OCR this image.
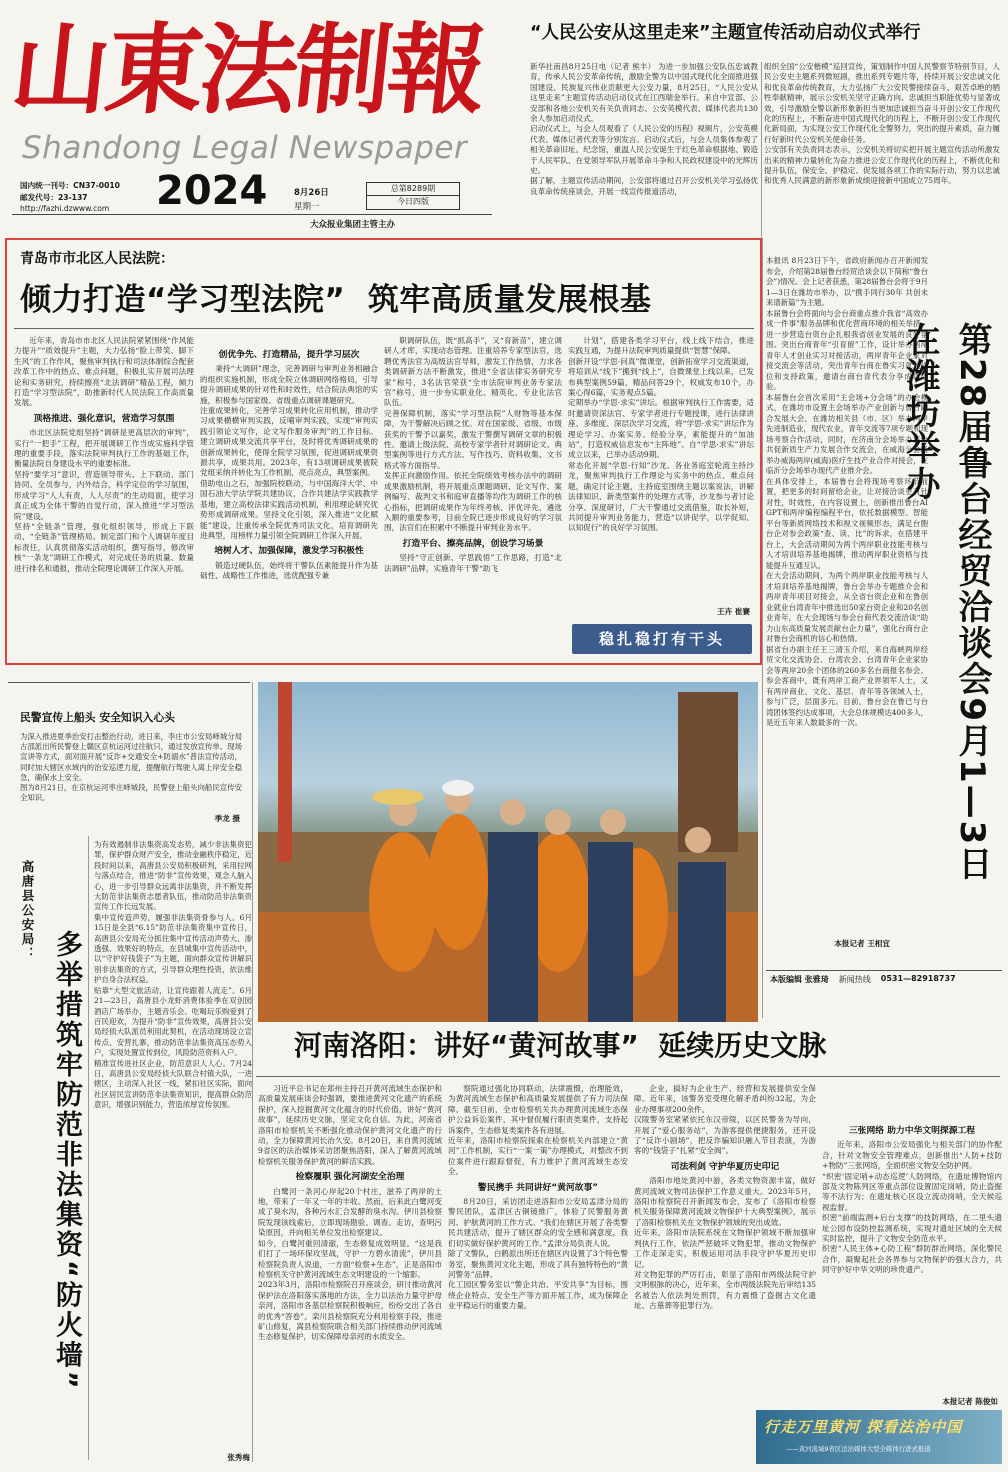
山東法制報
Shandong Legal Newspaper
国内统一刊号：CN37-0010
邮发代号：23-137
http://fazhi.dzwww.com 2024	8月26日
星期一
总第8289期
今日四版
大众报业集团主管主办
“人民公安从这里走来”主题宣传活动启动仪式举行
新华社南昌8月25日电（记者 熊丰） 为进一步加强公安队伍忠诚教育，传承人民公安革命传统，激励全警为以中国式现代化全面推进强国建设、民族复兴伟业贡献更大公安力量，8月25日，“人民公安从这里走来”主题宣传活动启动仪式在江西瑞金举行。来自中宣部、公安部和各地公安机关有关负责同志、公安英模代表、媒体代表共130余人参加启动仪式。
启动仪式上，与会人员观看了《人民公安的历程》视频片，公安英模代表、媒体记者代表等分别发言。启动仪式后，与会人员集体参观了相关革命旧址。纪念馆，重温人民公安诞生于红色革命根据地、锻造于人民军队、在党领导军队开展革命斗争和人民政权建设中的光辉历史。
据了解，主题宣传活动期间，公安部将通过召开公安机关学习弘扬优良革命传统座谈会，开展一线宣传报道活动，
组织全国“公安楷模”巡回宣传，策划制作中国人民警察节特别节目，人民公安史主题系列微短剧，推出系列专题片等，持续开展公安忠诚文化和优良革命传统教育，大力弘扬广大公安民警接续奋斗、艰苦卓绝的牺牲奉献精神，展示公安机关坚守正确方向、忠诚担当职能优势与显著成效，引导激励全警以新形象新担当更加忠诚担当奋斗开创公安工作现代化的历程上，不断奋进中国式现代化的历程上，不断开创公安工作现代化新局面，为实现公安工作现代化全警努力，突出的提升素质，奋力履行好新时代公安机关使命任务。
公安部有关负责同志表示，公安机关将切实把开展主题宣传活动所激发出来的精神力量转化为奋力推进公安工作现代化的历程上，不断优化和提升队伍，保安全、护稳定、促发展各项工作的实际行动，努力以忠诚和优秀人民满意的新形象新成绩迎接新中国成立75周年。
青岛市市北区人民法院：
倾力打造“学习型法院”  筑牢高质量发展根基

近年来，青岛市市北区人民法院紧紧围绕“作风能力提升”“质效提升”主题，大力弘扬“脸上带笑、脚下生风”的工作作风，聚焦审判执行和司法体制综合配套改革工作中的热点、难点问题，积极扎实开展司法理论和实务研究，持续擦亮“北法调研”精品工程，倾力打造“学习型法院”，助推新时代人民法院工作高质量发展。

顶格推进、强化意识，营造学习氛围

市北区法院党组坚持“调研是更高层次的审判”，实行“一把手”工程，把开展调研工作当成实施科学管理的重要手段，落实法院审判执行工作的基础工作，衡量法院自身建设水平的重要标准。
坚持“要学习”意识，营造领导带头、上下联动、部门协同、全员参与，内外结合，科学定位的学习氛围，形成学习“人人有责，人人尽责”的生动局面，使学习真正成为全体干警的自觉行动，深入推进“学习型法院”建设。
坚持“全链条”管理，强化组织领导，形成上下联动、“全链条”管理格局。制定部门和个人调研年度目标责任，认真贯彻落实活动组织，撰写指导，修改审核“一条龙”调研工作模式，对完成任务的质量、数量进行排名和通报，推动全院理论调研工作深入开展。

创优争先、打造精品，提升学习层次

秉持“大调研”理念，完善调研与审判业务相融合的组织实施机制，形成全院立体调研网络格局，引导提升调研成果的针对性和时效性，结合院法典馆的实施，积极参与国家级、省级重点调研课题研究。
注重成果转化，完善学习成果转化应用机制，推动学习成果横横审判实践，反哺审判实践，实现“审判实践引领论文写作，论文写作服务审判”的工作目标。建立调研成果交流共享平台，及时将优秀调研成果的创新成果转化，使得全院学习氛围，促进调研成果资源共享，成果共用。2023年，有13项调研成果被院党组采纳并转化为工作机制，亮点亮点，典型案例。
借助电山之石，加强院校联动，与中国海洋大学、中国石油大学法学院共建协议，合作共建法学实践教学基地，建立高校法律实践活动机制，利用理论研究优势形成调研成果。坚持文化引领，深入推进“文化赋能”建设，注重传承全院优秀司法文化，培育调研先进典型，用榜样力量引领全院调研工作深入开展。

培树人才、加强保障，激发学习积极性

锻造过硬队伍，始终将干警队伍素能提升作为基础性、战略性工作推进，选优配强专兼

职调研队伍，既“抓高手”，又“育新苗”，建立调研人才库，实现动态管理。注重培养专家型法官，选聘优秀法官为高级法官导师，激发工作热情，力求各类调研新方法不断激发，推进“全省法律实务研究专家”称号，3名法官荣获“全市法院审判业务专家法官”称号，进一步夯实职业化、精英化、专业化法官队伍。
完善保障机制，落实“学习型法院”人财物等基本保障，为干警解决后顾之忧。对在国家级、省级、市级获奖的干警予以嘉奖，激发干警撰写调研文章的积极性。邀请上级法院、高校专家学者针对调研论文、典型案例等进行方式方法、写作技巧、资料收集、文书格式等方面指导。
发挥正向激励作用。依托全院绩效考核办法中的调研成果激励机制，将开展重点课题调研、论文写作、案例编写、裁判文书和庭审直播等均作为调研工作的核心指标，把调研成果作为年终考核、评优评先、遴选入额的重要参考，目前全院已逐步形成良好的学习氛围，法官们在积累中不断提升审判业务水平。

打造平台、擦亮品牌，创设学习场景

坚持“守正创新、学思践悟”工作思路，打造“北法调研”品牌，实施青年干警“助飞

计划”，搭建各类学习平台，线上线下结合，推进实践互通，为提升法院审判质量提供“智慧”保障。
创新开设“学思·问真”微课堂，创新拓宽学习交流渠道，将培训从“线下”搬到“线上”，自微课堂上线以来，已发布典型案例59篇，精品问答29个，权威发布10个，办案心得6篇，实务观点5篇。
定期举办“学思·求实”讲坛。根据审判执行工作需要，适时邀请资深法官、专家学者进行专题授课，进行法律讲座、多维度、深层次学习交流，将“学思·求实”讲坛作为理论学习、办案实务、经验分享，素能提升的“加油站”，打造权威信息发布“主阵地”。自“学思·求实”讲坛成立以来，已举办活动9期。
常态化开展“学思·行知”沙龙。各业务庭室轮流主持沙龙，聚焦审判执行工作理论与实务中的热点、难点问题，确定讨论主题，主持庭室围绕主题以案说法，讲解法律知识、新类型案件的处理方式等，沙龙参与者讨论分享、深度研讨，广大干警通过交流借鉴，取长补短，共同提升审判业务能力，营造“以讲促学，以学促知、以知促行”的良好学习氛围。

王卉 崔賽
稳扎稳打有干头
本报讯 8月23日下午，省政府新闻办召开新闻发布会，介绍第28届鲁台经贸洽谈会以下简称“鲁台会”)情况。会上记者获悉，第28届鲁台会将于9月1—3日在潍坊市举办，以“携手同行30年 共创未来谱新篇”为主题。
本届鲁台会将面向与会台商重点推介我省“高效办成一件事”服务品牌和优化营商环境的相关举措，进一步营造台资台企扎根我省创业发展的良好氛围。突出台商青年“引育留”工作，设计举办两岸青年人才创业实习对接活动，两岸青年企业家对接交流会等活动，突出青年台商在鲁实习就业岗位和支持政策，邀请台商台青代表分享成功经验。
本届鲁台会首次采用“主会场+分会场”的办会模式，在潍坊市设置主会场举办产业创新与鲁台融合发展大会，在潍坊相关县（市、区）举办两岸先进制造业，现代农业，青年交流等7项专题和现场考察合作活动，同时，在济南分会场举办济台共促新质生产力发展合作交流会，在威海分会场举办威海两岸(威海)医疗生技产业合作对接会，在临沂分会场举办现代产业推介会。
在具体安排上，本届鲁台会将现场考察环节前置，把更多的时间留给企业，让对接洽谈更有针对性，时效性，在内容设置上，创新推出鲁台AI GPT和两岸编程编程平台，依托数据模型、智能平台等新质网络技术和视文视频形态，满足台胞台企对参会政策“查、读、比”的诉求，在搭建平台上，大会活动期间为两个两岸职业技能考核与人才培训培养基地揭牌，推动两岸职业资格与技能提升互通互认。
在大会活动期间，为两个两岸职业技能考核与人才培训培养基地揭牌，鲁台会举办专题推介会和两岸青年项目对接会，从全省台资企业和在鲁创业就业台湾青年中推选出50家台资企业和20名创业青年，在大会现场与参会台商代表交流洽谈“助力山东高质量发展贡献台企力量”，强化台商台企对鲁台会商机的信心和热情。
据省台办副主任王三清玉介绍，来自海峡两岸经贸文化交流协会、台湾农会、台湾青年企业家协会等两岸20余个团体的260多名台商报名参会。参会客商中，既有两岸工商产业界领军人士，又有两岸商业、文化、基层、青年等各领域人士，参与广泛，层面多元。目前，鲁台会在鲁已与台湾团体签约达成事项，大会总体规模达400多人，是近五年来人数最多的一次。
本报记者 王相宜
第28届鲁台经贸洽谈会9月1—3日在潍坊举办
本版编辑 张雅琦 新闻热线 0531—82918737
民警宣传上船头 安全知识入心头
为深入推进夏季治安打击整治行动，进日来，李庄市公安局峄城分局古邵派出所民警登上赣区京杭运河过往航只，通过发放宣传单、现场宣讲等方式，面对面开展“反诈+交通安全+防溺水”普法宣传活动，同时加大辖区水域内的治安巡逻力度，提醒航行驾驶人离上岸安全稳急，确保水上安全。
图为8月21日，在京杭运河枣庄峄城段，民警登上船头向船民宣传安全知识。
季龙 摄
高唐县公安局：
多举措筑牢防范非法集资“防火墙”
为有效遏制非法集资高发态势，减少非法集资犯罪，保护群众财产安全，推动金融秩序稳定，近段时间以来，高唐县公安局积极研判，采用拉网与落点结合，推进“防非”宣传效果，观念人脑入心，进一步引导群众远离非法集资，并不断发挥大防范非法集资志愿者队伍，推动防范非法集资宣传工作长远发展。
集中宣传造声势，履强非法集资骨参与人。6月15日是全县“6.15”防范非法集资集中宣传日，高唐县公安局充分抓住集中宣传活动声势大、渗透强、效果好的特点，在县城集中宣传活动中，以“守护好钱袋子”为主题，面向群众宣传讲解识别非法集资的方式，引导群众理性投资，依法维护自身合法权益。
贴靠“大型文旅活动，让宣传跟着人流走”。6月21—23日，高唐县小龙虾消费体验季在双创园酒店广场举办，主题音乐会、吃喝玩乐购爱到了百民迎欢，为提升“防非”宣传效果，高唐县公安局经侦大队派员利用此契机，在活动现场设立宣传点、安营扎寨，推动防范非法集资高压态势入户，实现处置宣传到位，风险防范资料入户。
精准宣传进社区企业，防范意识人人心。7月24日，高唐县公安局经侦大队联合村镇大队，一进辖区，主动深入社区一线，紧扣社区实际，面向社区居民宣讲防范非法集资知识，提高群众防范意识，增强识别能力，营造浓厚宣传氛围。
张秀梅
河南洛阳：讲好“黄河故事”  延续历史文脉

习近平总书记在郑州主持召开黄河流域生态保护和高质量发展座谈会时强调，要推进黄河文化遗产的系统保护，深入挖掘黄河文化蕴含的时代价值，讲好“黄河故事”，延续历史文脉，坚定文化自信。为此，河南省洛阳市检察机关不断强化推动保护黄河文化遗产的行动，全力保障黄河长治久安。8月20日，来自黄河流域9省区的法治媒体采访团聚焦洛阳，深入了解黄河流域检察机关服务保护黄河的鲜活实践。

检察履职 强化河湖安全治理

白鹭河一条河心岸起20个村庄，滋养了两岸的土地，带来了一年又一年的丰收。然而，后来此白鹭河变成了臭水沟，各种污水汇合发酵的臭水沟。伊川县检察院发现该线索后，立即现场勘验、调查、走访，查明污染原因，并向相关单位发出检察建议。
如今，白鹭河重回清澈，生态修复成效明显。“这是我们打了一场环保攻坚战，守护一方碧水清流”，伊川县检察院负责人说道，一方面“检察+生态”，正是洛阳市检察机关守护黄河流域生态文明建设的一个缩影。
2023年3月，洛阳市检察院召开座谈会，研讨推动黄河保护法在洛阳落实落地的方法，全力以法治力量守护母亲河，洛阳市各基层检察院积极响应，纷纷交出了各自的优秀“答卷”。栾川县检察院充分利用检察手段，推进矿山修复，嵩县检察院联合相关部门持续推动伊河流域生态修复保护，切实保障母亲河的水质安全。

察院通过强化协同联动，法律震慑，治理能效，为黄河流域生态保护和高质量发展提供了有力司法保障。截至目前，全市检察机关共办理黄河流域生态保护公益诉讼案件，其中督促履行职责类案件，支持起诉案件，生态修复类案件各有进展。
近年来，洛阳市检察院探索在检察机关内部建立“黄河”工作机制，实行“一案一策”办理模式，对整改不到位案件进行跟踪督促，有力维护了黄河流域生态安全。

警民携手 共同讲好“黄河故事”

8月20日，采访团走进洛阳市公安局孟津分局的警民团队，孟津区古铜镜推广，体验了民警服务黄河、护航黄河的工作方式。“我们在辖区开展了各类警民共建活动，提升了辖区群众的安全感和满意度，我们切实做好保护黄河的工作。”孟津分局负责人说。
除了文警队，白鹤派出所还在辖区内设置了3个特色警务室，聚焦黄河文化主题，形成了具有独特特色的“黄河警务”品牌。
化工园区警务室以“警企共治、平安共享”为目标，围绕企业特点、安全生产等方面开展工作，成为保障企业平稳运行的重要力量。

企业，搞好为企业生产、经营和发展提供安全保障。近年来，该警务室受理化解矛盾纠纷32起，为企业办理事项200余件。
汉陵警务室紧紧依托东汉帝陵，以区民警务为导向，开展了“爱心服务站”，为游客提供便捷服务，还开设了“反诈小剧场”，把反诈骗知识融入节目表演，为游客的“钱袋子”扎紧“安全阀”。

司法利剑 守护华夏历史印记

洛阳市地处黄河中游，各类文物资源丰富，做好黄河流域文物司法保护工作意义重大。2023年5月，洛阳市检察院召开新闻发布会，发布了《洛阳市检察机关服务保障黄河流域文物保护十大典型案例》，展示了洛阳检察机关在文物保护领域的突出成效。
近年来，洛阳市法院系统在文物保护领域不断加强审判执行工作，依法严惩破坏文物犯罪，推动文物保护工作走深走实，积极运用司法手段守护华夏历史印记。
对文物犯罪的严厉打击，彰显了洛阳市两级法院守护文明根脉的决心，近年来，全市两级法院先后审结135名被告人依法判处刑罚，有力震慑了盗掘古文化遗址、古墓葬等犯罪行为。

三张网络 助力中华文明探源工程

近年来，洛阳市公安局强化与相关部门的协作配合，针对文物安全管理难点，创新推出“人防+技防+物防”三张网络，全面织密文物安全防护网。
“织密‘固定哨+动态巡逻’人防网络，在遗址博物馆内部及文物陈列区等重点部位设置固定岗哨，防止盗掘等不法行为；在遗址核心区设立流动岗哨，全天候巡视监督。
织密“前端监测+后台支撑”的技防网络，在二里头遗址公园布设防控监测系统，实现对遗址区域的全天候实时监控，提升了文物安全防范水平。
织密“人民主体+心防工程”群防群治网络，深化警民合作，凝聚起社会各界参与文物保护的强大合力，共同守护好中华文明的珍贵遗产。

本报记者 陈俊如
行走万里黄河 探看法治中国
——黄河流域9省区法治媒体大型全媒体行进式报道
